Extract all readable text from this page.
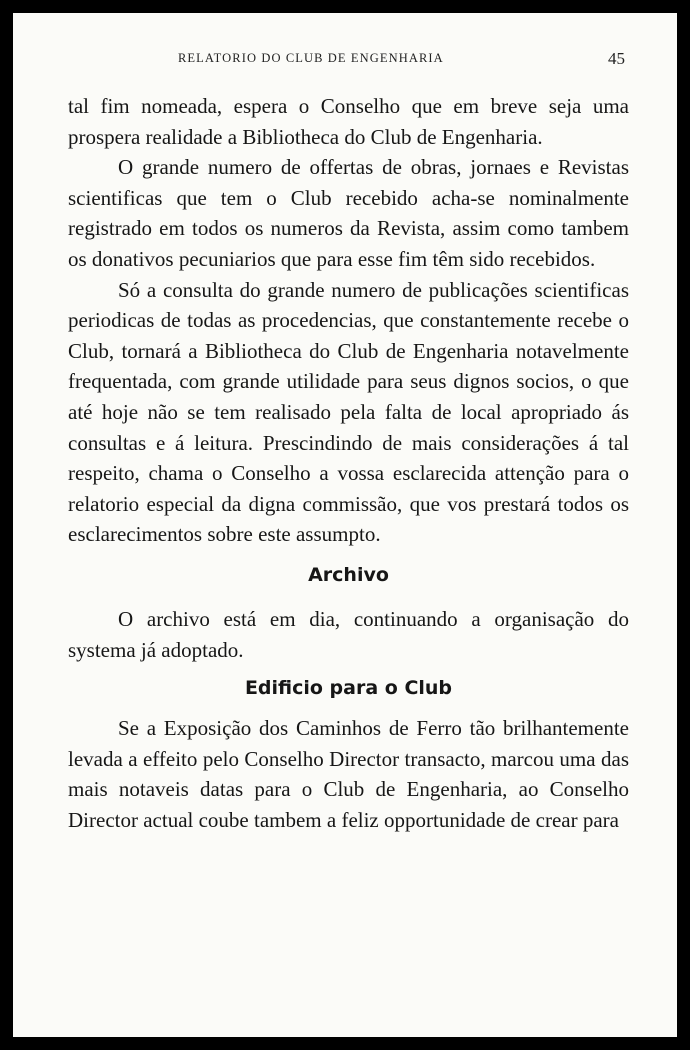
RELATORIO DO CLUB DE ENGENHARIA	45

tal fim nomeada, espera o Conselho que em breve seja uma prospera realidade a Bibliotheca do Club de Engenharia.

O grande numero de offertas de obras, jornaes e Revistas scientificas que tem o Club recebido acha-se nominalmente registrado em todos os numeros da Revista, assim como tambem os donativos pecuniarios que para esse fim têm sido recebidos.

Só a consulta do grande numero de publicações scientificas periodicas de todas as procedencias, que constantemente recebe o Club, tornará a Bibliotheca do Club de Engenharia notavelmente frequentada, com grande utilidade para seus dignos socios, o que até hoje não se tem realisado pela falta de local apropriado ás consultas e á leitura. Prescindindo de mais considerações á tal respeito, chama o Conselho a vossa esclarecida attenção para o relatorio especial da digna commissão, que vos prestará todos os esclarecimentos sobre este assumpto.

Archivo

O archivo está em dia, continuando a organisação do systema já adoptado.

Edificio para o Club

Se a Exposição dos Caminhos de Ferro tão brilhantemente levada a effeito pelo Conselho Director transacto, marcou uma das mais notaveis datas para o Club de Engenharia, ao Conselho Director actual coube tambem a feliz opportunidade de crear para
